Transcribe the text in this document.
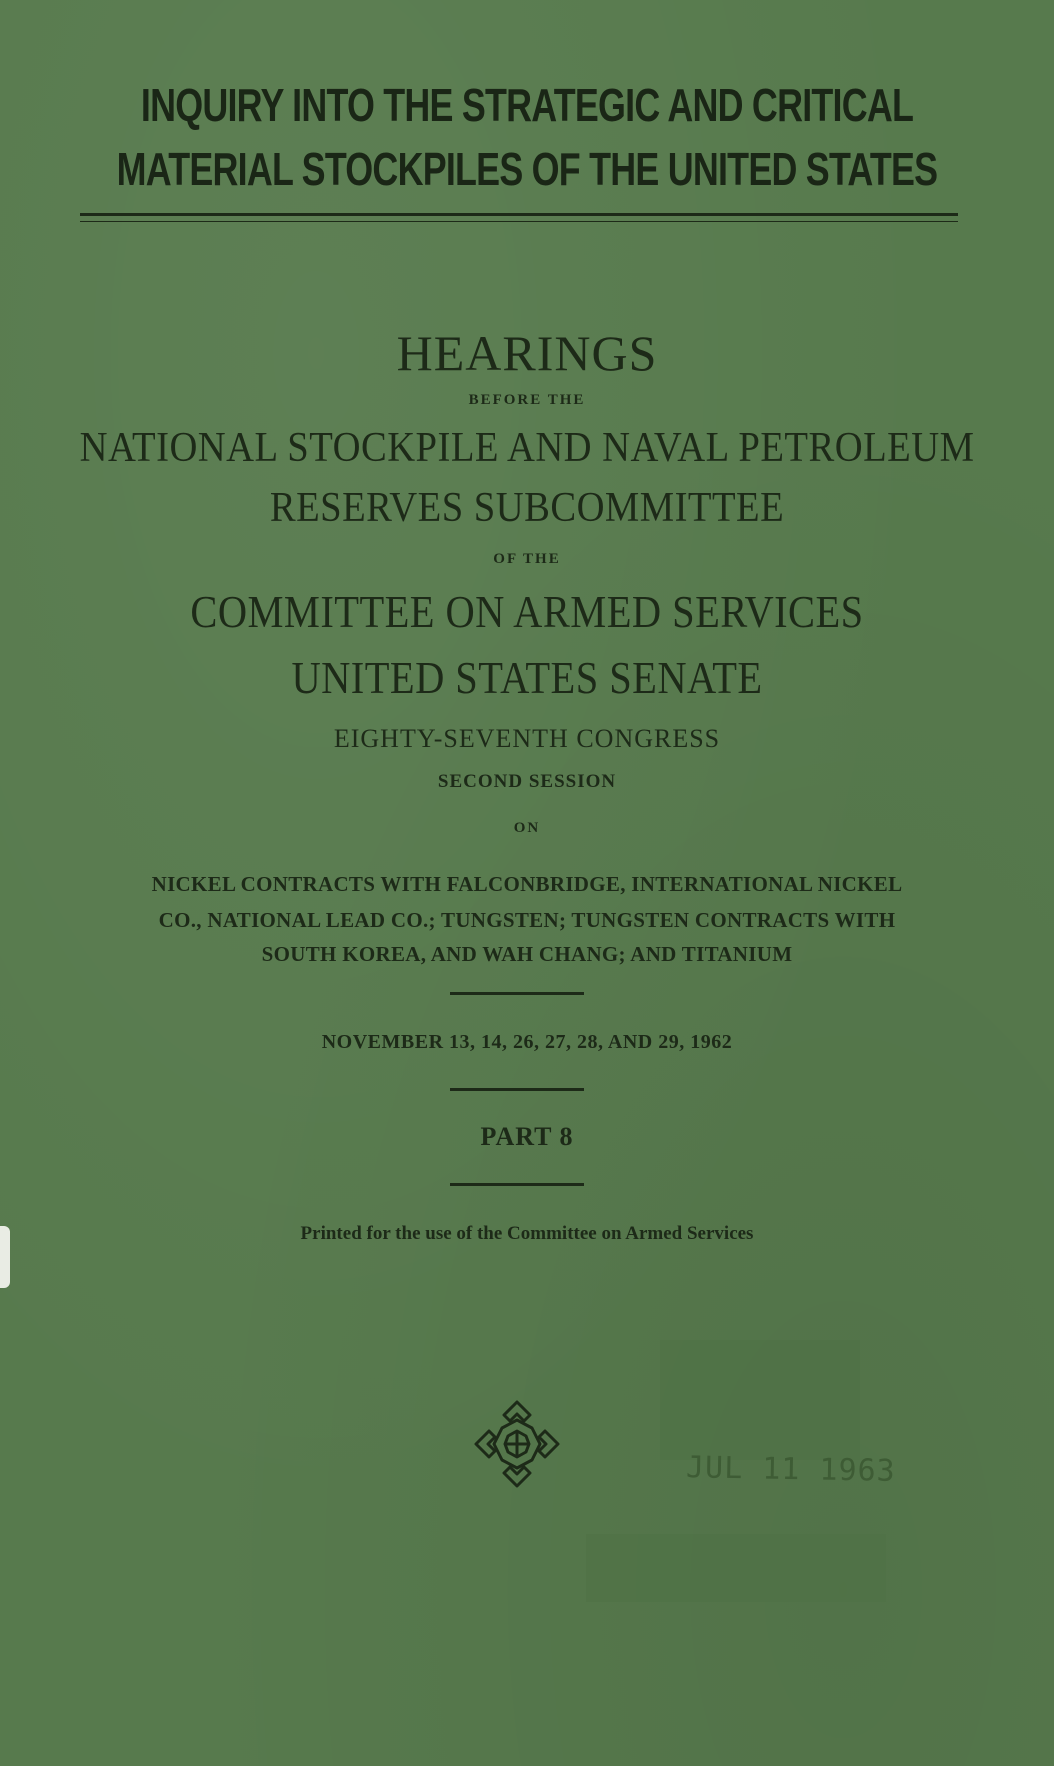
INQUIRY INTO THE STRATEGIC AND CRITICAL
MATERIAL STOCKPILES OF THE UNITED STATES
HEARINGS
BEFORE THE
NATIONAL STOCKPILE AND NAVAL PETROLEUM
RESERVES SUBCOMMITTEE
OF THE
COMMITTEE ON ARMED SERVICES
UNITED STATES SENATE
EIGHTY-SEVENTH CONGRESS
SECOND SESSION
ON
NICKEL CONTRACTS WITH FALCONBRIDGE, INTERNATIONAL NICKEL
CO., NATIONAL LEAD CO.; TUNGSTEN; TUNGSTEN CONTRACTS WITH
SOUTH KOREA, AND WAH CHANG; AND TITANIUM
NOVEMBER 13, 14, 26, 27, 28, AND 29, 1962
PART 8
Printed for the use of the Committee on Armed Services
JUL 11 1963
